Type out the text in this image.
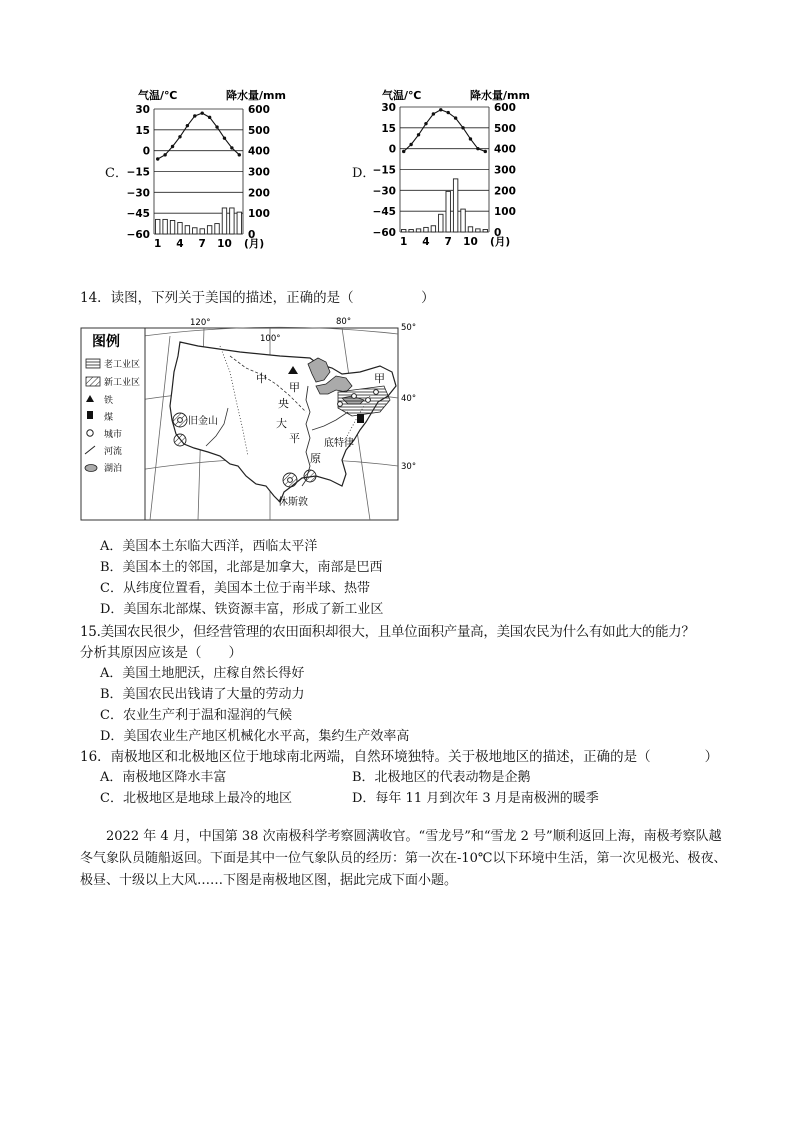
C．
气温/℃	降水量/mm
30
15
0
−15
−30
−45
−60
600
500
400
300
200
100
0
1 4 7 10 (月)
D．
气温/℃	降水量/mm
30
15
0
−15
−30
−45
−60
600
500
400
300
200
100
0
1 4 7 10 (月)
14．读图，下列关于美国的描述，正确的是（　　　　　）
图例
老工业区
新工业区
铁
煤
城市
河流
湖泊
120°
100°
80°
50°
40°
30°
中
甲
央
大
平
原
甲
旧金山
休斯敦
底特律
A．美国本土东临大西洋，西临太平洋
B．美国本土的邻国，北部是加拿大，南部是巴西
C．从纬度位置看，美国本土位于南半球、热带
D．美国东北部煤、铁资源丰富，形成了新工业区
15.美国农民很少，但经营管理的农田面积却很大，且单位面积产量高，美国农民为什么有如此大的能力？
分析其原因应该是（　　）
A．美国土地肥沃，庄稼自然长得好
B．美国农民出钱请了大量的劳动力
C．农业生产利于温和湿润的气候
D．美国农业生产地区机械化水平高，集约生产效率高
16．南极地区和北极地区位于地球南北两端，自然环境独特。关于极地地区的描述，正确的是（　　　　）
A．南极地区降水丰富	B．北极地区的代表动物是企鹅
C．北极地区是地球上最冷的地区	D．每年 11 月到次年 3 月是南极洲的暖季
2022 年 4 月，中国第 38 次南极科学考察圆满收官。“雪龙号”和“雪龙 2 号”顺利返回上海，南极考察队越冬气象队员随船返回。下面是其中一位气象队员的经历：第一次在-10℃以下环境中生活，第一次见极光、极夜、极昼、十级以上大风……下图是南极地区图，据此完成下面小题。
